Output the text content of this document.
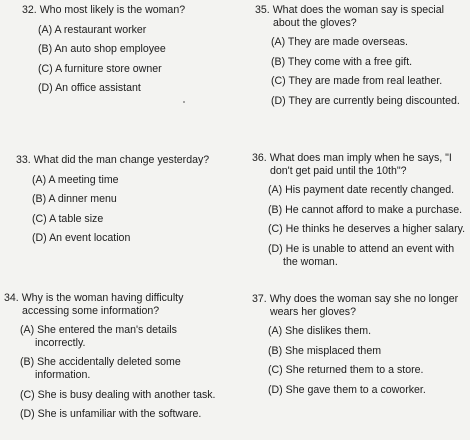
32. Who most likely is the woman?
(A) A restaurant worker
(B) An auto shop employee
(C) A furniture store owner
(D) An office assistant
33. What did the man change yesterday?
(A) A meeting time
(B) A dinner menu
(C) A table size
(D) An event location
34. Why is the woman having difficulty accessing some information?
(A) She entered the man's details incorrectly.
(B) She accidentally deleted some information.
(C) She is busy dealing with another task.
(D) She is unfamiliar with the software.
35. What does the woman say is special about the gloves?
(A) They are made overseas.
(B) They come with a free gift.
(C) They are made from real leather.
(D) They are currently being discounted.
36. What does man imply when he says, "I don't get paid until the 10th"?
(A) His payment date recently changed.
(B) He cannot afford to make a purchase.
(C) He thinks he deserves a higher salary.
(D) He is unable to attend an event with the woman.
37. Why does the woman say she no longer wears her gloves?
(A) She dislikes them.
(B) She misplaced them
(C) She returned them to a store.
(D) She gave them to a coworker.
